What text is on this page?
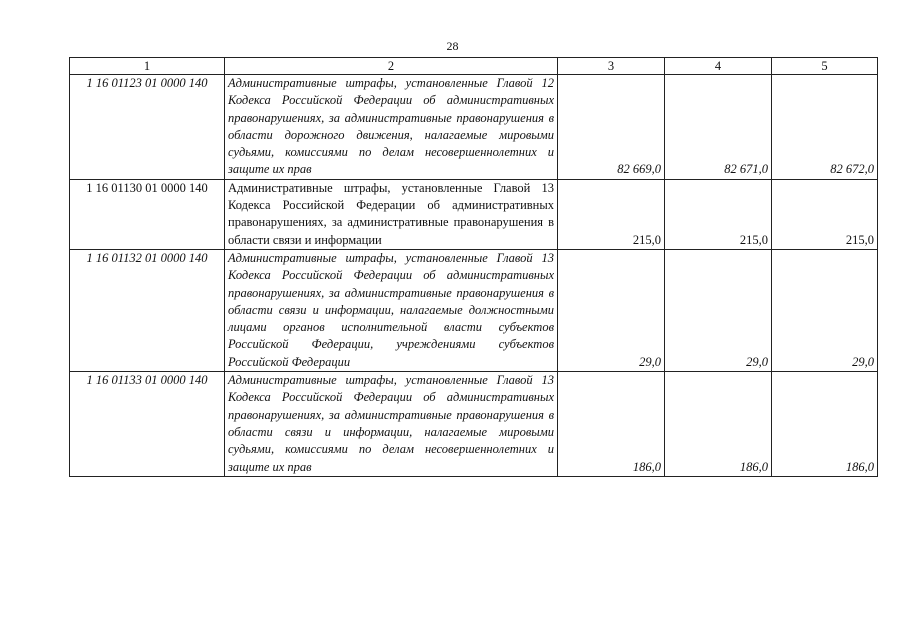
28
1	2	3	4	5
1 16 01123 01 0000 140	Административные штрафы, установленные Главой 12 Кодекса Российской Федерации об административных правонарушениях, за административные правонарушения в области дорожного движения, налагаемые мировыми судьями, комиссиями по делам несовершеннолетних и защите их прав	82 669,0	82 671,0	82 672,0
1 16 01130 01 0000 140	Административные штрафы, установленные Главой 13 Кодекса Российской Федерации об административных правонарушениях, за административные правонарушения в области связи и информации	215,0	215,0	215,0
1 16 01132 01 0000 140	Административные штрафы, установленные Главой 13 Кодекса Российской Федерации об административных правонарушениях, за административные правонарушения в области связи и информации, налагаемые должностными лицами органов исполнительной власти субъектов Российской Федерации, учреждениями субъектов Российской Федерации	29,0	29,0	29,0
1 16 01133 01 0000 140	Административные штрафы, установленные Главой 13 Кодекса Российской Федерации об административных правонарушениях, за административные правонарушения в области связи и информации, налагаемые мировыми судьями, комиссиями по делам несовершеннолетних и защите их прав	186,0	186,0	186,0
